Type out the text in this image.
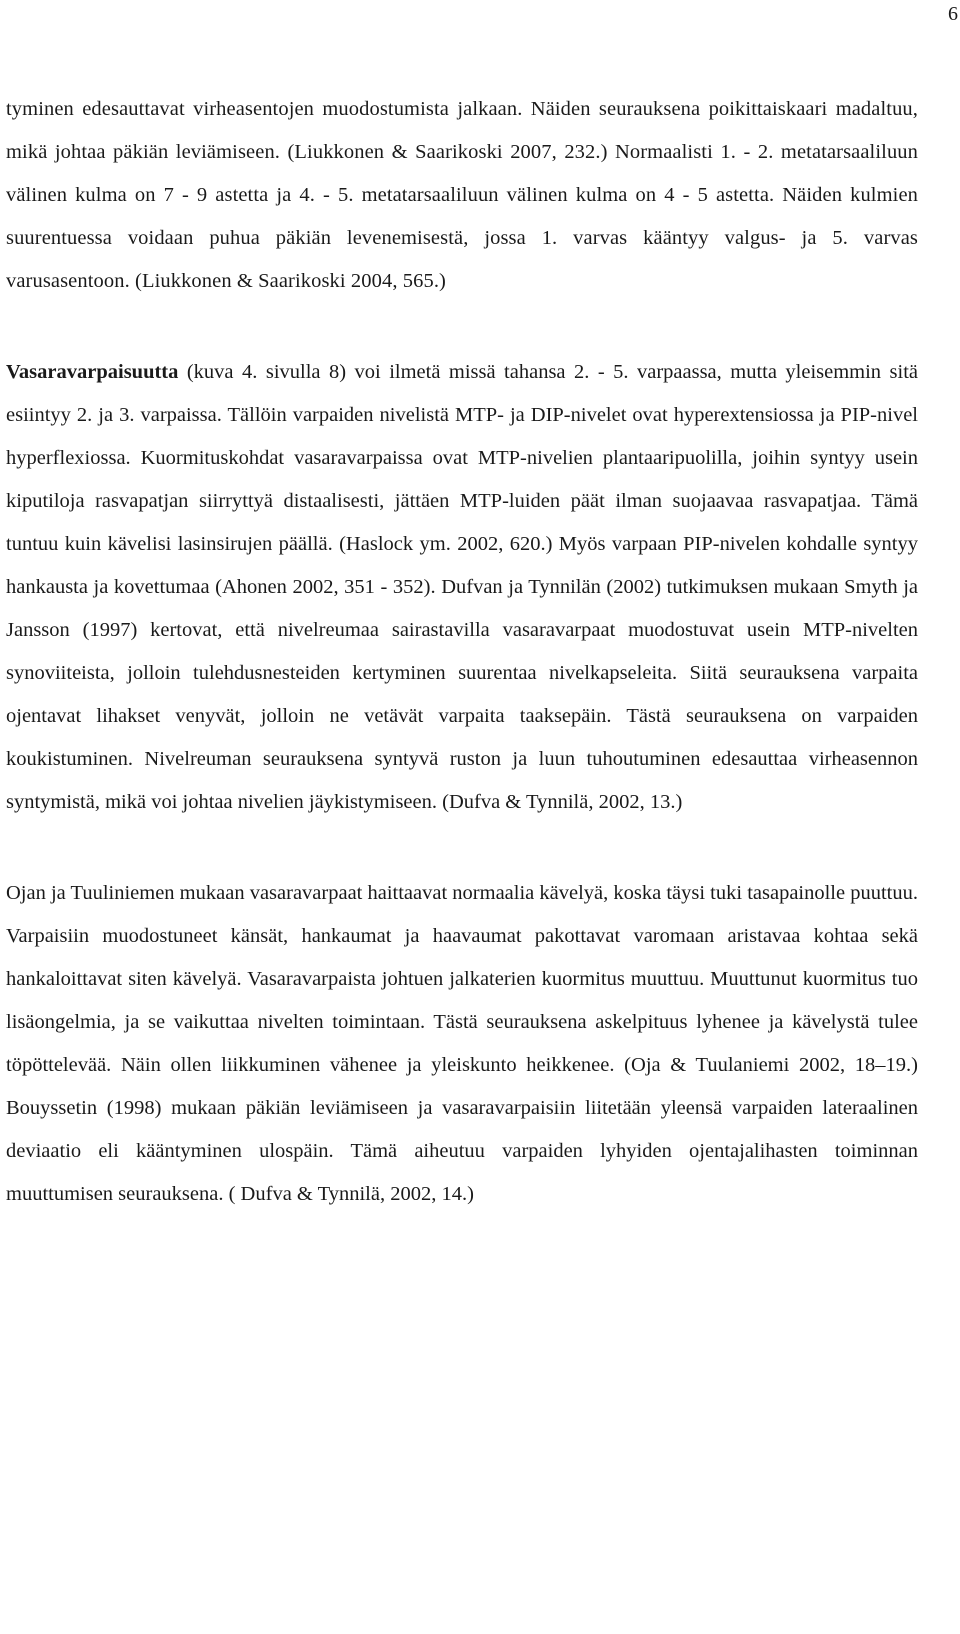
6

tyminen edesauttavat virheasentojen muodostumista jalkaan. Näiden seurauksena poikittaiskaari madaltuu, mikä johtaa päkiän leviämiseen. (Liukkonen & Saarikoski 2007, 232.) Normaalisti 1. - 2. metatarsaaliluun välinen kulma on 7 - 9 astetta ja 4. - 5. metatarsaaliluun välinen kulma on 4 - 5 astetta. Näiden kulmien suurentuessa voidaan puhua päkiän levenemisestä, jossa 1. varvas kääntyy valgus- ja 5. varvas varusasentoon. (Liukkonen & Saarikoski 2004, 565.)

Vasaravarpaisuutta (kuva 4. sivulla 8) voi ilmetä missä tahansa 2. - 5. varpaassa, mutta yleisemmin sitä esiintyy 2. ja 3. varpaissa. Tällöin varpaiden nivelistä MTP- ja DIP-nivelet ovat hyperextensiossa ja PIP-nivel hyperflexiossa. Kuormituskohdat vasaravarpaissa ovat MTP-nivelien plantaaripuolilla, joihin syntyy usein kiputiloja rasvapatjan siirryttyä distaalisesti, jättäen MTP-luiden päät ilman suojaavaa rasvapatjaa. Tämä tuntuu kuin kävelisi lasinsirujen päällä. (Haslock ym. 2002, 620.) Myös varpaan PIP-nivelen kohdalle syntyy hankausta ja kovettumaa (Ahonen 2002, 351 - 352). Dufvan ja Tynnilän (2002) tutkimuksen mukaan Smyth ja Jansson (1997) kertovat, että nivelreumaa sairastavilla vasaravarpaat muodostuvat usein MTP-nivelten synoviiteista, jolloin tulehdusnesteiden kertyminen suurentaa nivelkapseleita. Siitä seurauksena varpaita ojentavat lihakset venyvät, jolloin ne vetävät varpaita taaksepäin. Tästä seurauksena on varpaiden koukistuminen. Nivelreuman seurauksena syntyvä ruston ja luun tuhoutuminen edesauttaa virheasennon syntymistä, mikä voi johtaa nivelien jäykistymiseen. (Dufva & Tynnilä, 2002, 13.)

Ojan ja Tuuliniemen mukaan vasaravarpaat haittaavat normaalia kävelyä, koska täysi tuki tasapainolle puuttuu. Varpaisiin muodostuneet känsät, hankaumat ja haavaumat pakottavat varomaan aristavaa kohtaa sekä hankaloittavat siten kävelyä. Vasaravarpaista johtuen jalkaterien kuormitus muuttuu. Muuttunut kuormitus tuo lisäongelmia, ja se vaikuttaa nivelten toimintaan. Tästä seurauksena askelpituus lyhenee ja kävelystä tulee töpöttelevää. Näin ollen liikkuminen vähenee ja yleiskunto heikkenee. (Oja & Tuulaniemi 2002, 18–19.) Bouyssetin (1998) mukaan päkiän leviämiseen ja vasaravarpaisiin liitetään yleensä varpaiden lateraalinen deviaatio eli kääntyminen ulospäin. Tämä aiheutuu varpaiden lyhyiden ojentajalihasten toiminnan muuttumisen seurauksena. ( Dufva & Tynnilä, 2002, 14.)
